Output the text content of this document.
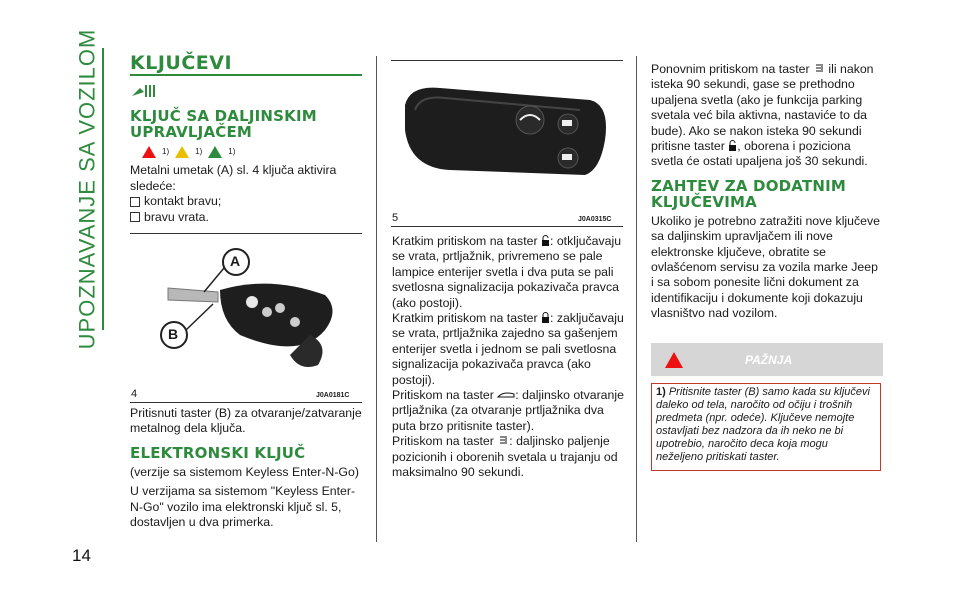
UPOZNAVANJE SA VOZILOM
14
KLJUČEVI
KLJUČ SA DALJINSKIM UPRAVLJAČEM
1)	1)	1)

Metalni umetak (A) sl. 4 ključa aktivira sledeće:

kontakt bravu;
bravu vrata.
A
B
4	J0A0181C

Pritisnuti taster (B) za otvaranje/zatvaranje metalnog dela ključa.

ELEKTRONSKI KLJUČ

(verzije sa sistemom Keyless Enter-N-Go)

U verzijama sa sistemom "Keyless Enter-N-Go" vozilo ima elektronski ključ sl. 5, dostavljen u dva primerka.

5	J0A0315C

Kratkim pritiskom na taster : otključavaju se vrata, prtljažnik, privremeno se pale lampice enterijer svetla i dva puta se pali svetlosna signalizacija pokazivača pravca (ako postoji).

Kratkim pritiskom na taster : zaključavaju se vrata, prtljažnika zajedno sa gašenjem enterijer svetla i jednom se pali svetlosna signalizacija pokazivača pravca (ako postoji).

Pritiskom na taster : daljinsko otvaranje prtljažnika (za otvaranje prtljažnika dva puta brzo pritisnite taster).

Pritiskom na taster : daljinsko paljenje pozicionih i oborenih svetala u trajanju od maksimalno 90 sekundi.

Ponovnim pritiskom na taster ili nakon isteka 90 sekundi, gase se prethodno upaljena svetla (ako je funkcija parking svetala već bila aktivna, nastaviće to da bude). Ako se nakon isteka 90 sekundi pritisne taster , oborena i poziciona svetla će ostati upaljena još 30 sekundi.

ZAHTEV ZA DODATNIM KLJUČEVIMA

Ukoliko je potrebno zatražiti nove ključeve sa daljinskim upravljačem ili nove elektronske ključeve, obratite se ovlašćenom servisu za vozila marke Jeep i sa sobom ponesite lični dokument za identifikaciju i dokumente koji dokazuju vlasništvo nad vozilom.

PAŽNJA
1) Pritisnite taster (B) samo kada su ključevi daleko od tela, naročito od očiju i trošnih predmeta (npr. odeće). Ključeve nemojte ostavljati bez nadzora da ih neko ne bi upotrebio, naročito deca koja mogu neželjeno pritiskati taster.
